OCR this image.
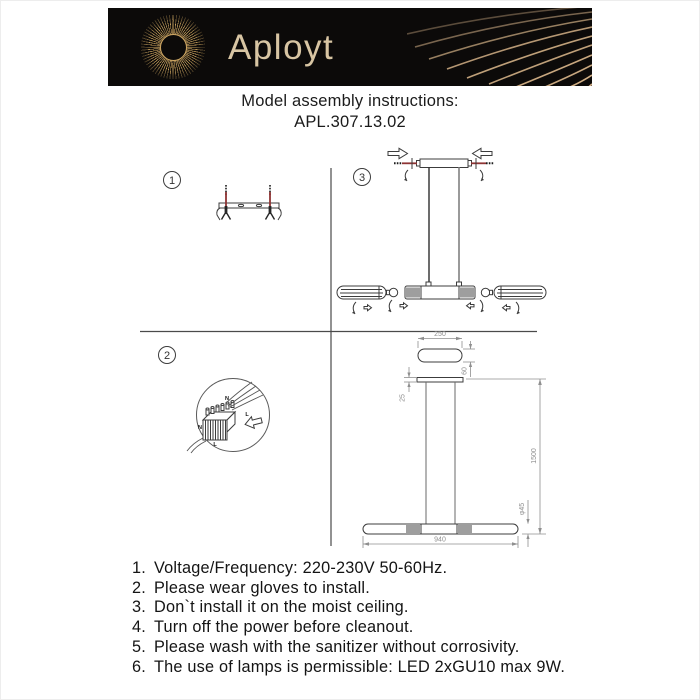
Aployt
Model assembly instructions:
APL.307.13.02
1	3
2
N
L
N
L
250
60
25
940
1500
φ45
1. Voltage/Frequency: 220-230V 50-60Hz.
2. Please wear gloves to install.
3. Don`t install it on the moist ceiling.
4. Turn off the power before cleanout.
5. Please wash with the sanitizer without corrosivity.
6. The use of lamps is permissible: LED 2xGU10 max 9W.
